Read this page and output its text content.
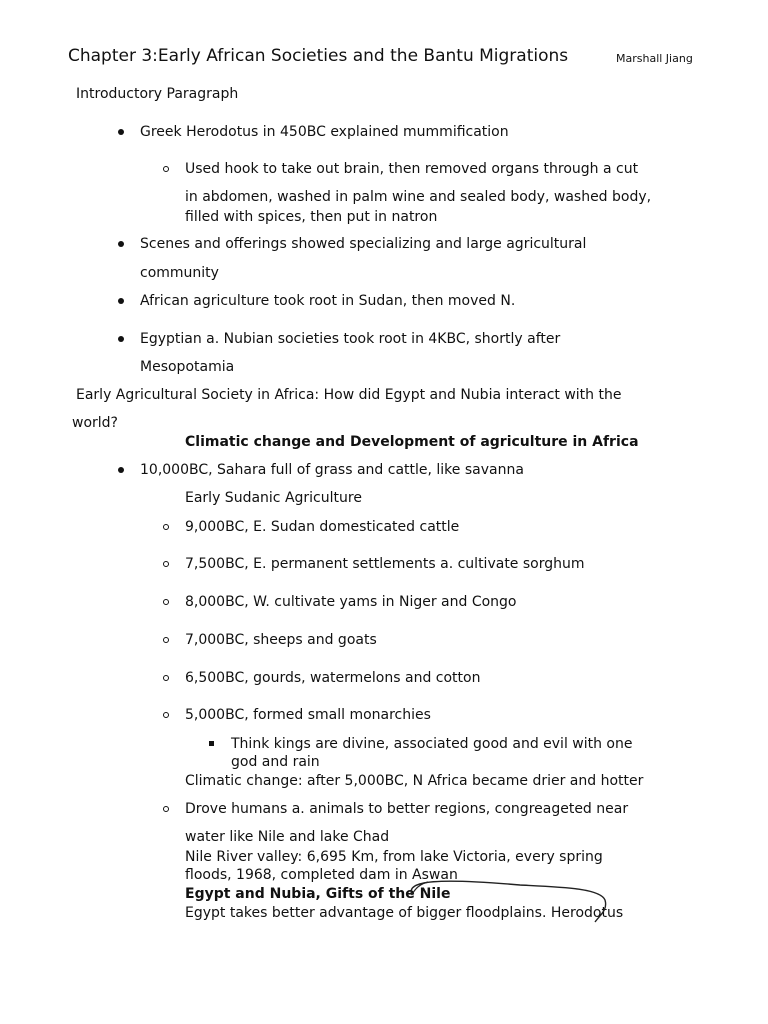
Chapter 3:Early African Societies and the Bantu Migrations	Marshall Jiang
Introductory Paragraph
Greek Herodotus in 450BC explained mummification
Used hook to take out brain, then removed organs through a cut
in abdomen, washed in palm wine and sealed body, washed body,
filled with spices, then put in natron
Scenes and offerings showed specializing and large agricultural
community
African agriculture took root in Sudan, then moved N.
Egyptian a. Nubian societies took root in 4KBC, shortly after
Mesopotamia
Early Agricultural Society in Africa: How did Egypt and Nubia interact with the
world?
Climatic change and Development of agriculture in Africa
10,000BC, Sahara full of grass and cattle, like savanna
Early Sudanic Agriculture
9,000BC, E. Sudan domesticated cattle
7,500BC, E. permanent settlements a. cultivate sorghum
8,000BC, W. cultivate yams in Niger and Congo
7,000BC, sheeps and goats
6,500BC, gourds, watermelons and cotton
5,000BC, formed small monarchies
Think kings are divine, associated good and evil with one
god and rain
Climatic change: after 5,000BC, N Africa became drier and hotter
Drove humans a. animals to better regions, congreageted near
water like Nile and lake Chad
Nile River valley: 6,695 Km, from lake Victoria, every spring
floods, 1968, completed dam in Aswan
Egypt and Nubia, Gifts of the Nile
Egypt takes better advantage of bigger floodplains. Herodotus
